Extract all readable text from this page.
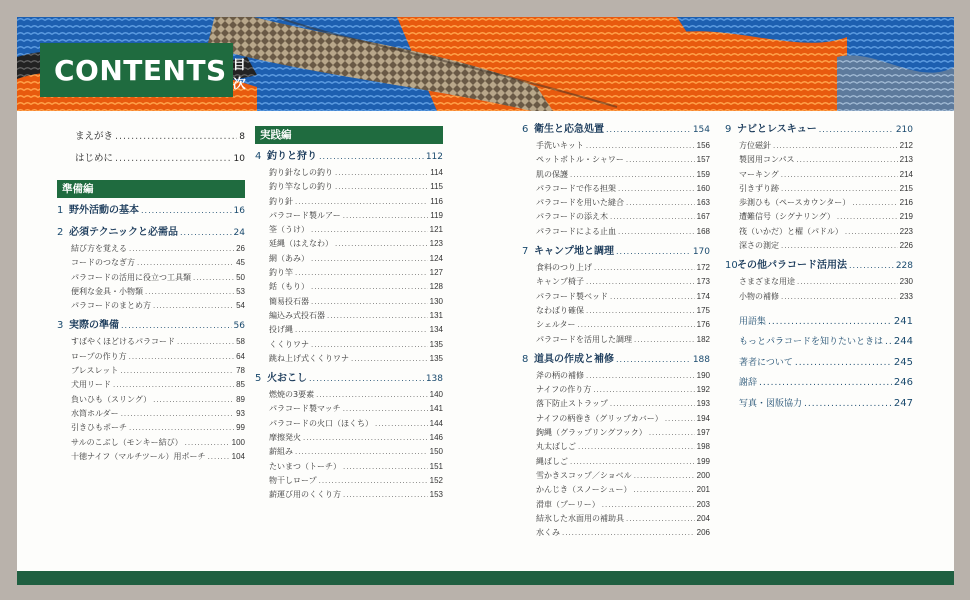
CONTENTS 目次
まえがき .....	8
はじめに .....	10
準備編
1 野外活動の基本 .....	16
2 必須テクニックと必需品 .....	24
結び方を覚える .....	26
コードのつなぎ方 .....	45
パラコードの活用に役立つ工具類 .....	50
便利な金具・小物類 .....	53
パラコードのまとめ方 .....	54
3 実際の準備 .....	56
すばやくほどけるパラコード .....	58
ロープの作り方 .....	64
ブレスレット .....	78
犬用リード .....	85
負いひも（スリング） .....	89
水筒ホルダー .....	93
引きひもポーチ .....	99
サルのこぶし（モンキー結び） .....	100
十徳ナイフ（マルチツール）用ポーチ .....	104
実践編
4 釣りと狩り .....	112
釣り針なしの釣り .....	114
釣り竿なしの釣り .....	115
釣り針 .....	116
パラコード製ルアー .....	119
筌（うけ） .....	121
延縄（はえなわ） .....	123
網（あみ） .....	124
釣り竿 .....	127
銛（もり） .....	128
簡易投石器 .....	130
編込み式投石器 .....	131
投げ縄 .....	134
くくりワナ .....	135
跳ね上げ式くくりワナ .....	135
5 火おこし .....	138
燃焼の3要素 .....	140
パラコード製マッチ .....	141
パラコードの火口（ほくち） .....	144
摩擦発火 .....	146
薪組み .....	150
たいまつ（トーチ） .....	151
物干しロープ .....	152
薪運び用のくくり方 .....	153
6 衛生と応急処置 .....	154
手洗いキット .....	156
ペットボトル・シャワー .....	157
肌の保護 .....	159
パラコードで作る担架 .....	160
パラコードを用いた縫合 .....	163
パラコードの添え木 .....	167
パラコードによる止血 .....	168
7 キャンプ地と調理 .....	170
食料のつり上げ .....	172
キャンプ椅子 .....	173
パラコード製ベッド .....	174
なわばり確保 .....	175
シェルター .....	176
パラコードを活用した調理 .....	182
8 道具の作成と補修 .....	188
斧の柄の補修 .....	190
ナイフの作り方 .....	192
落下防止ストラップ .....	193
ナイフの柄巻き（グリップカバー） .....	194
鉤縄（グラップリングフック） .....	197
丸太ばしご .....	198
縄ばしご .....	199
雪かきスコップ／ショベル .....	200
かんじき（スノーシュー） .....	201
滑車（プーリー） .....	203
結氷した水面用の補助具 .....	204
水くみ .....	206
9 ナビとレスキュー .....	210
方位磁針 .....	212
製図用コンパス .....	213
マーキング .....	214
引きずり跡 .....	215
歩測ひも（ペースカウンター） .....	216
遭難信号（シグナリング） .....	219
筏（いかだ）と櫂（パドル） .....	223
深さの測定 .....	226
10 その他パラコード活用法 .....	228
さまざまな用途 .....	230
小物の補修 .....	233
用語集 .....	241
もっとパラコードを知りたいときは ..... 244
著者について .....	245
謝辞 .....	246
写真・図版協力 .....	247
